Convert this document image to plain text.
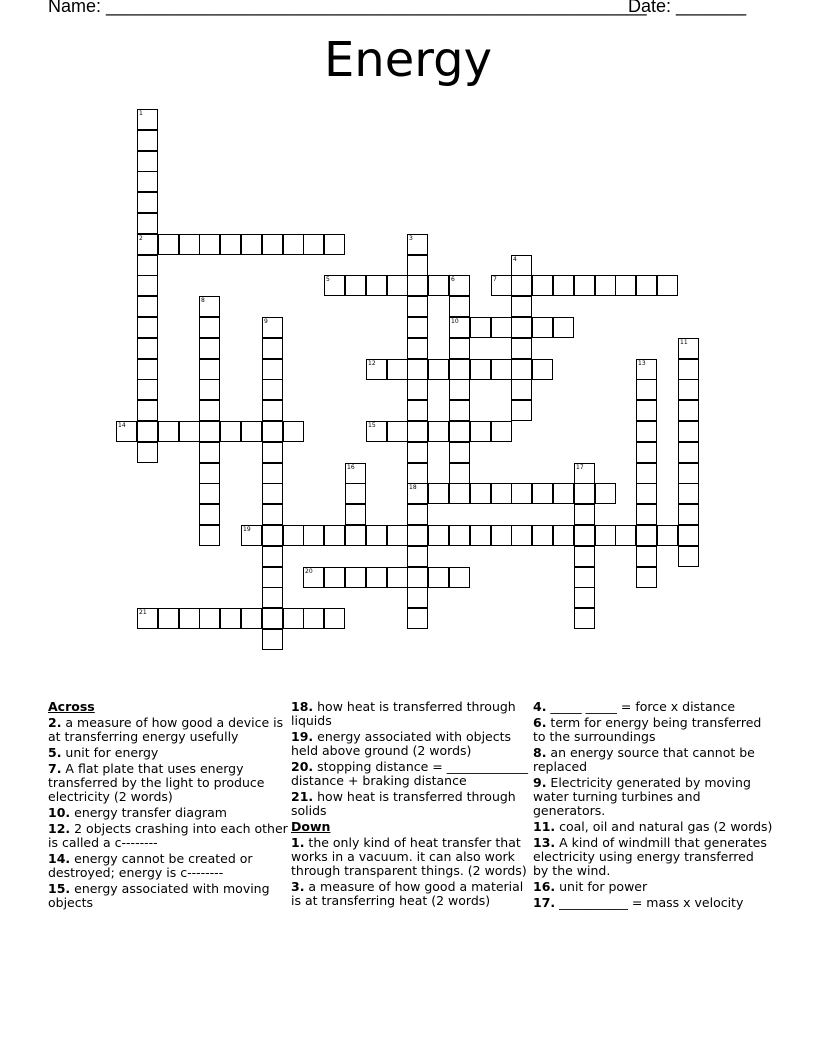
Name: ______________________________________________________
Date: _______
Energy
1
2	3
18
4
5	6
10
7
8
9
11
12	13
14	15
16	17
19
20
21
Across
2. a measure of how good a device is at transferring energy usefully
5. unit for energy
7. A flat plate that uses energy transferred by the light to produce electricity (2 words)
10. energy transfer diagram
12. 2 objects crashing into each other is called a c--------
14. energy cannot be created or destroyed; energy is c--------
15. energy associated with moving objects
18. how heat is transferred through liquids
19. energy associated with objects held above ground (2 words)
20. stopping distance = _____________ distance + braking distance
21. how heat is transferred through solids
Down
1. the only kind of heat transfer that works in a vacuum. it can also work through transparent things. (2 words)
3. a measure of how good a material is at transferring heat (2 words)
4. _____ _____ = force x distance
6. term for energy being transferred to the surroundings
8. an energy source that cannot be replaced
9. Electricity generated by moving water turning turbines and generators.
11. coal, oil and natural gas (2 words)
13. A kind of windmill that generates electricity using energy transferred by the wind.
16. unit for power
17. ___________ = mass x velocity
